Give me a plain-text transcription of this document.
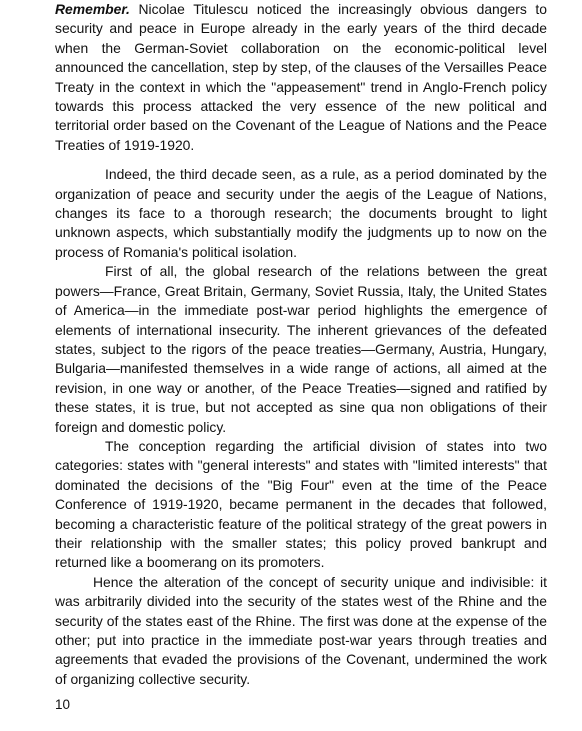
Remember. Nicolae Titulescu noticed the increasingly obvious dangers to security and peace in Europe already in the early years of the third decade when the German-Soviet collaboration on the economic-political level announced the cancellation, step by step, of the clauses of the Versailles Peace Treaty in the context in which the "appeasement" trend in Anglo-French policy towards this process attacked the very essence of the new political and territorial order based on the Covenant of the League of Nations and the Peace Treaties of 1919-1920.

Indeed, the third decade seen, as a rule, as a period dominated by the organization of peace and security under the aegis of the League of Nations, changes its face to a thorough research; the documents brought to light unknown aspects, which substantially modify the judgments up to now on the process of Romania's political isolation.

First of all, the global research of the relations between the great powers—France, Great Britain, Germany, Soviet Russia, Italy, the United States of America—in the immediate post-war period highlights the emergence of elements of international insecurity. The inherent grievances of the defeated states, subject to the rigors of the peace treaties—Germany, Austria, Hungary, Bulgaria—manifested themselves in a wide range of actions, all aimed at the revision, in one way or another, of the Peace Treaties—signed and ratified by these states, it is true, but not accepted as sine qua non obligations of their foreign and domestic policy.

The conception regarding the artificial division of states into two categories: states with "general interests" and states with "limited interests" that dominated the decisions of the "Big Four" even at the time of the Peace Conference of 1919-1920, became permanent in the decades that followed, becoming a characteristic feature of the political strategy of the great powers in their relationship with the smaller states; this policy proved bankrupt and returned like a boomerang on its promoters.

Hence the alteration of the concept of security unique and indivisible: it was arbitrarily divided into the security of the states west of the Rhine and the security of the states east of the Rhine. The first was done at the expense of the other; put into practice in the immediate post-war years through treaties and agreements that evaded the provisions of the Covenant, undermined the work of organizing collective security.

10
